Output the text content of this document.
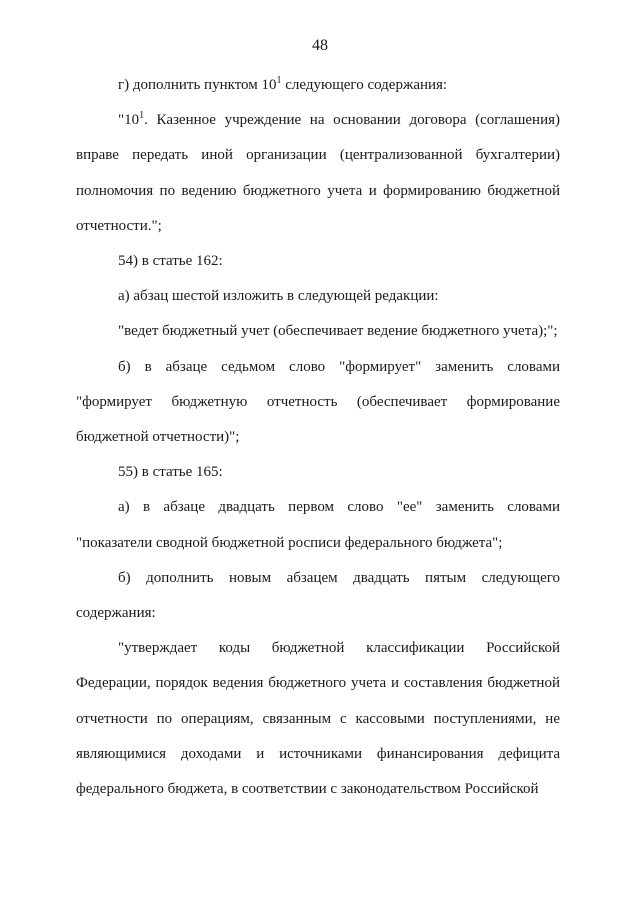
48

г) дополнить пунктом $10^1$ следующего содержания:

"$10^1$. Казенное учреждение на основании договора (соглашения) вправе передать иной организации (централизованной бухгалтерии) полномочия по ведению бюджетного учета и формированию бюджетной отчетности.";

54) в статье 162:

а) абзац шестой изложить в следующей редакции:

"ведет бюджетный учет (обеспечивает ведение бюджетного учета);";

б) в абзаце седьмом слово "формирует" заменить словами "формирует бюджетную отчетность (обеспечивает формирование бюджетной отчетности)";

55) в статье 165:

а) в абзаце двадцать первом слово "ее" заменить словами "показатели сводной бюджетной росписи федерального бюджета";

б) дополнить новым абзацем двадцать пятым следующего содержания:

"утверждает коды бюджетной классификации Российской Федерации, порядок ведения бюджетного учета и составления бюджетной отчетности по операциям, связанным с кассовыми поступлениями, не являющимися доходами и источниками финансирования дефицита федерального бюджета, в соответствии с законодательством Российской
